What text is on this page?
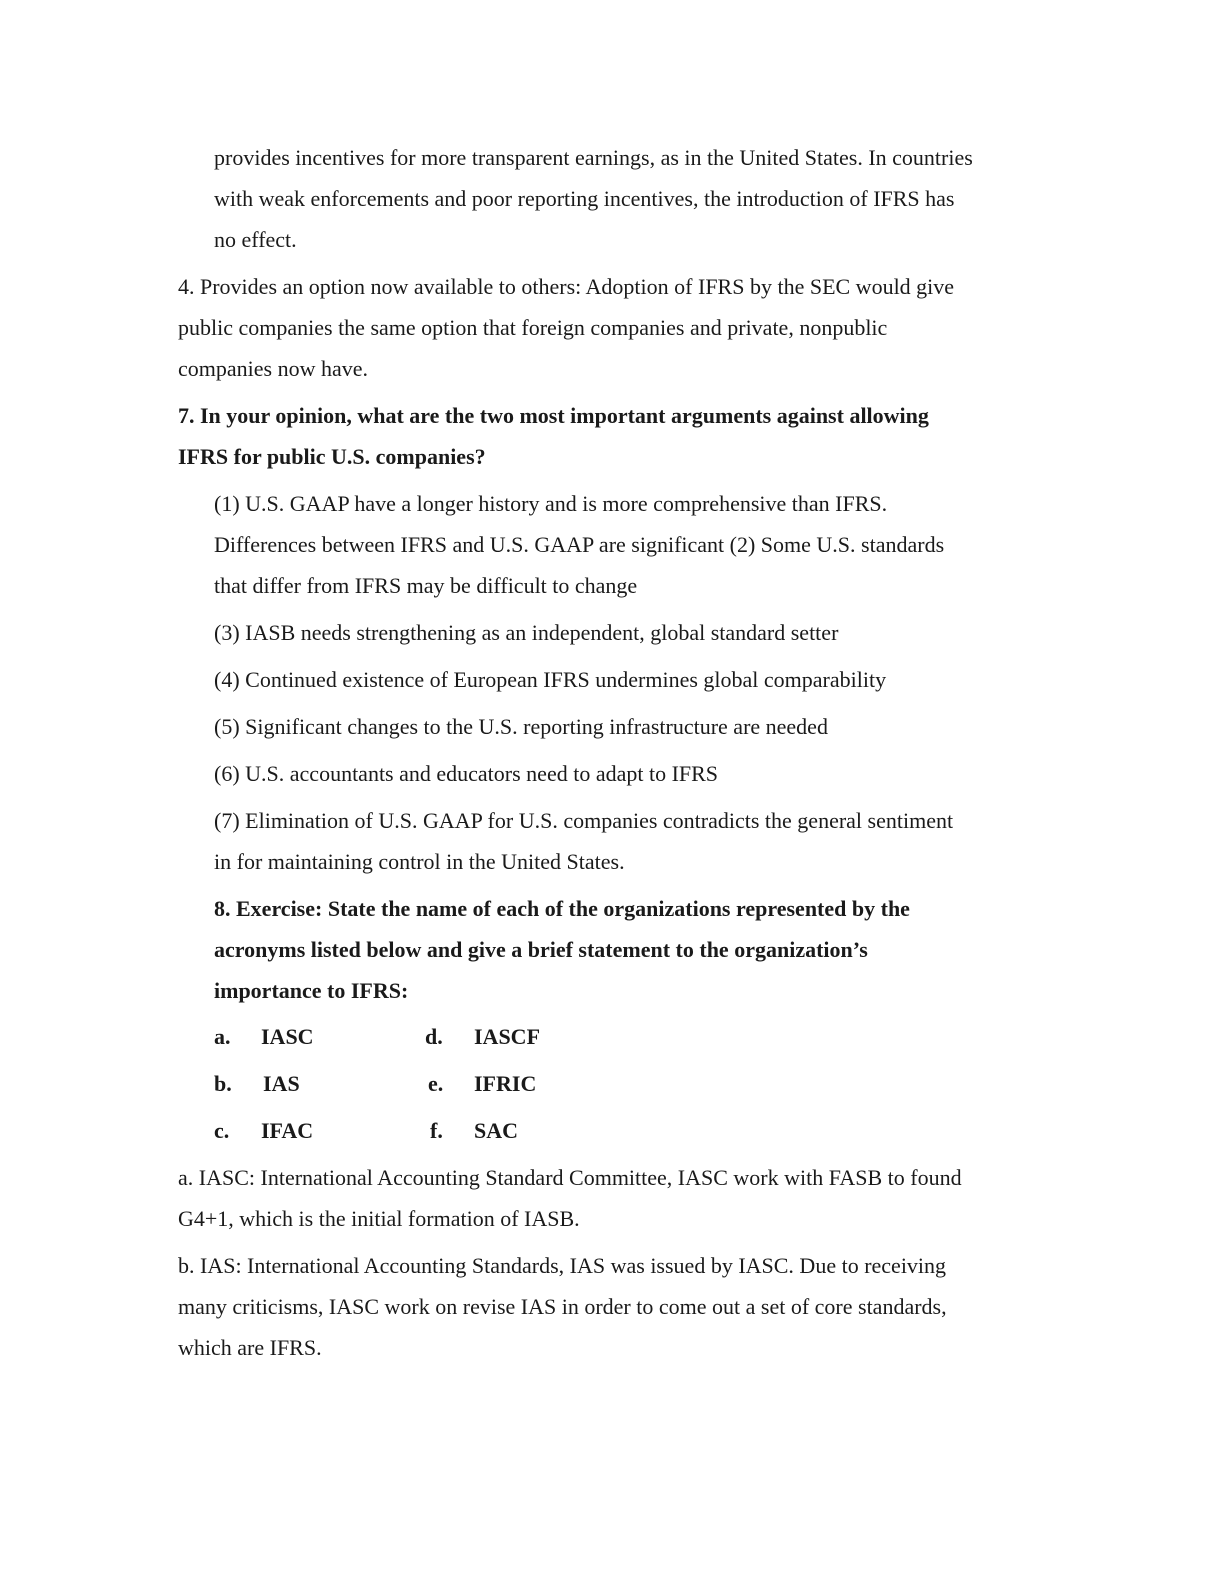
provides incentives for more transparent earnings, as in the United States. In countries
with weak enforcements and poor reporting incentives, the introduction of IFRS has
no effect.
4. Provides an option now available to others: Adoption of IFRS by the SEC would give
public companies the same option that foreign companies and private, nonpublic
companies now have.
7. In your opinion, what are the two most important arguments against allowing
IFRS for public U.S. companies?
(1) U.S. GAAP have a longer history and is more comprehensive than IFRS.
Differences between IFRS and U.S. GAAP are significant (2) Some U.S. standards
that differ from IFRS may be difficult to change
(3) IASB needs strengthening as an independent, global standard setter
(4) Continued existence of European IFRS undermines global comparability
(5) Significant changes to the U.S. reporting infrastructure are needed
(6) U.S. accountants and educators need to adapt to IFRS
(7) Elimination of U.S. GAAP for U.S. companies contradicts the general sentiment
in for maintaining control in the United States.
8. Exercise: State the name of each of the organizations represented by the
acronyms listed below and give a brief statement to the organization’s
importance to IFRS:
a. IASC
b. IAS
c. IFAC
d. IASCF
e. IFRIC
f. SAC
a. IASC: International Accounting Standard Committee, IASC work with FASB to found
G4+1, which is the initial formation of IASB.
b. IAS: International Accounting Standards, IAS was issued by IASC. Due to receiving
many criticisms, IASC work on revise IAS in order to come out a set of core standards,
which are IFRS.
